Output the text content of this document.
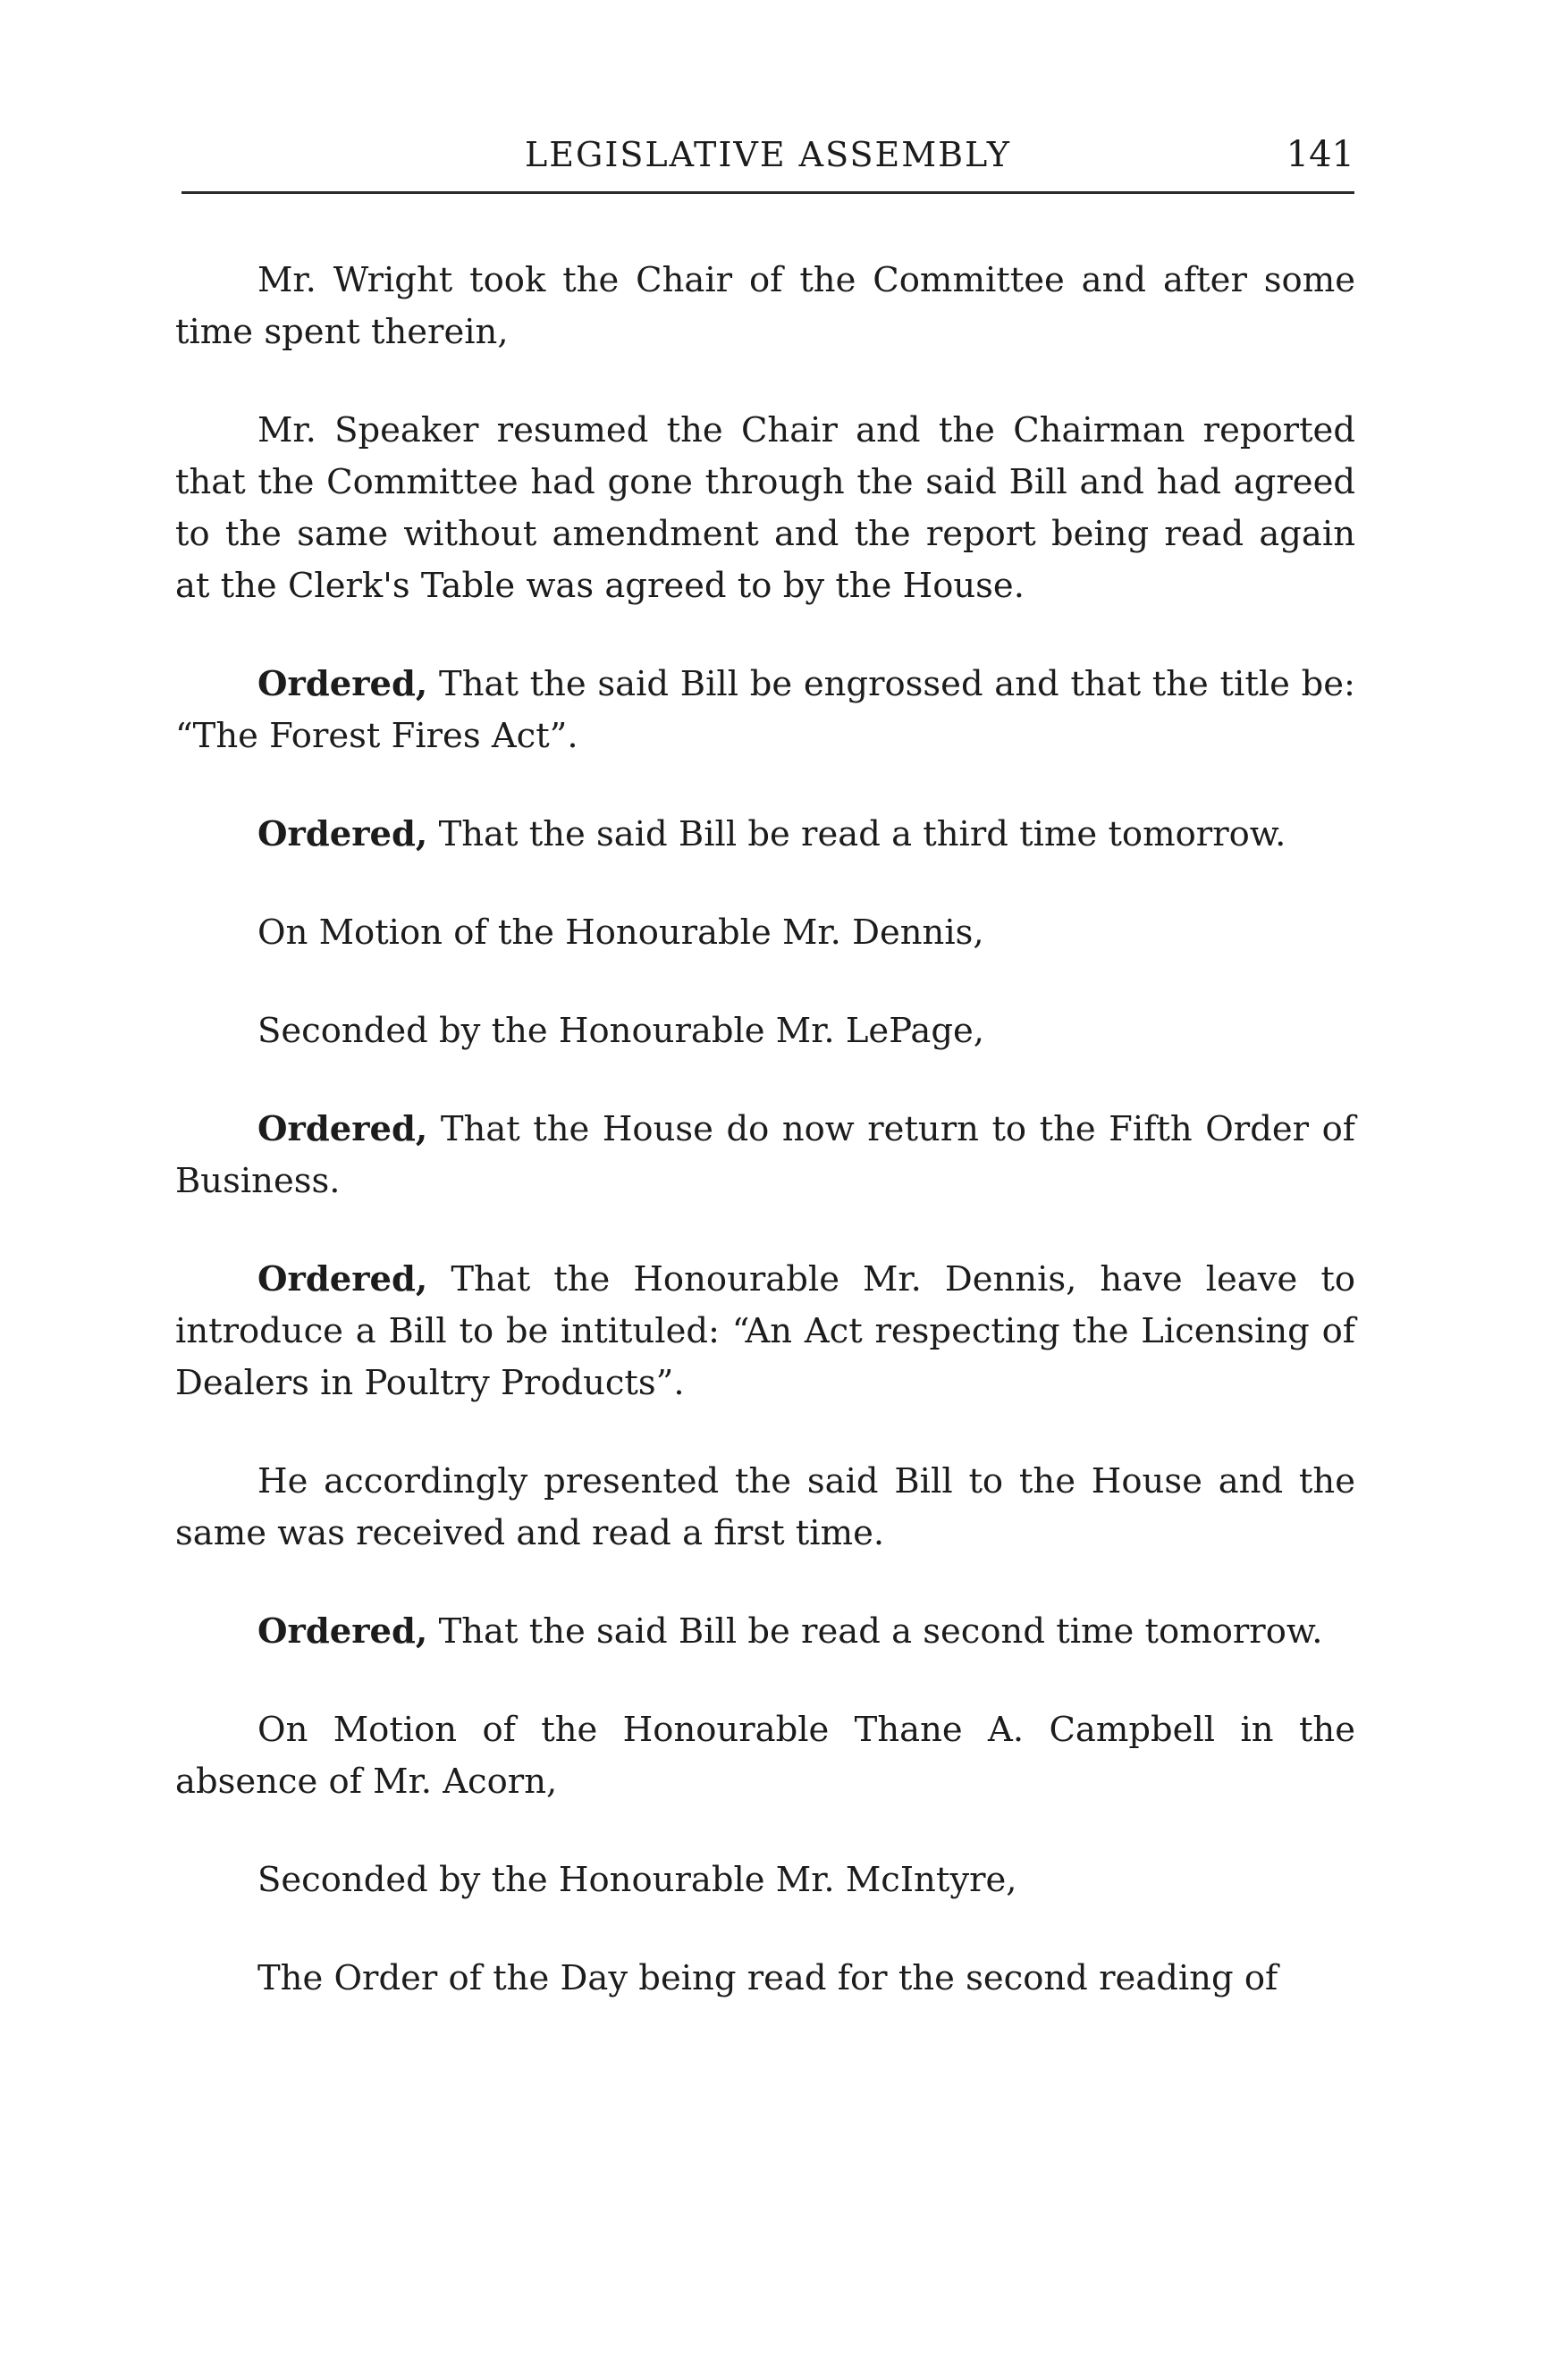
LEGISLATIVE ASSEMBLY	141

Mr. Wright took the Chair of the Committee and after some time spent therein,

Mr. Speaker resumed the Chair and the Chairman reported that the Committee had gone through the said Bill and had agreed to the same without amendment and the report being read again at the Clerk's Table was agreed to by the House.

Ordered, That the said Bill be engrossed and that the title be: “The Forest Fires Act”.

Ordered, That the said Bill be read a third time tomorrow.

On Motion of the Honourable Mr. Dennis,

Seconded by the Honourable Mr. LePage,

Ordered, That the House do now return to the Fifth Order of Business.

Ordered, That the Honourable Mr. Dennis, have leave to introduce a Bill to be intituled: “An Act respecting the Licensing of Dealers in Poultry Products”.

He accordingly presented the said Bill to the House and the same was received and read a first time.

Ordered, That the said Bill be read a second time tomorrow.

On Motion of the Honourable Thane A. Campbell in the absence of Mr. Acorn,

Seconded by the Honourable Mr. McIntyre,

The Order of the Day being read for the second reading of
